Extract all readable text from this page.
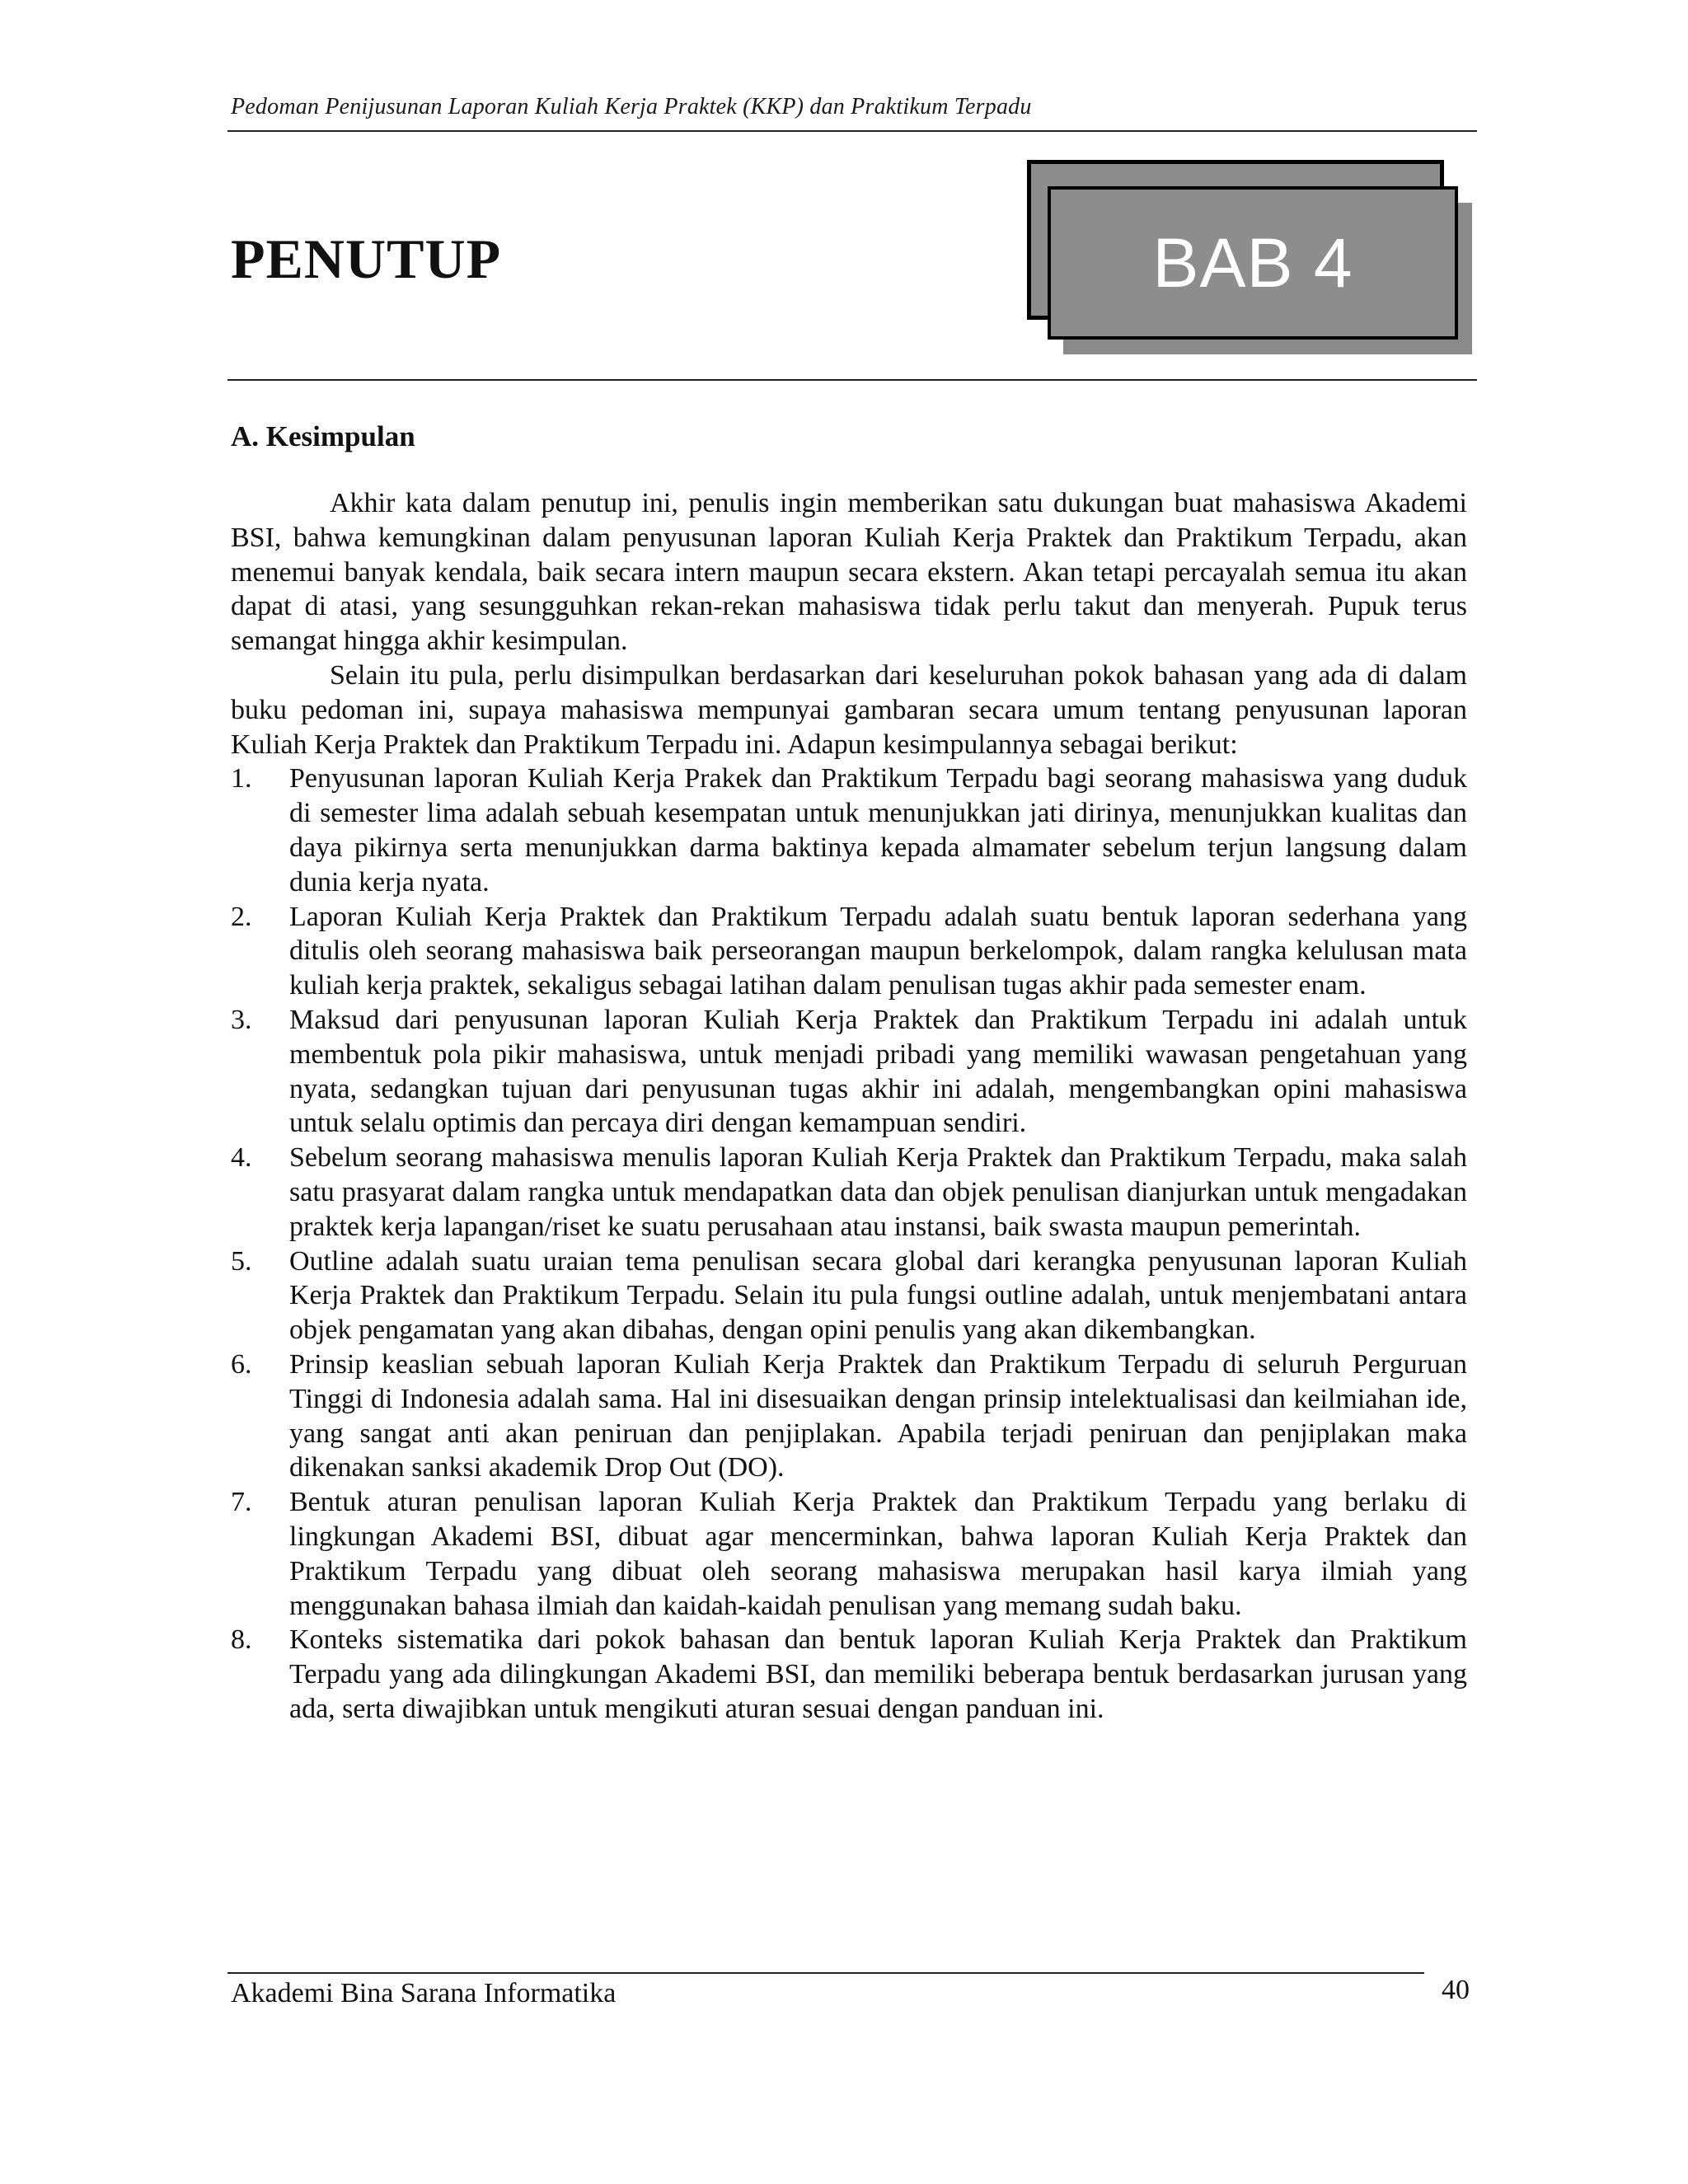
Pedoman Penijusunan Laporan Kuliah Kerja Praktek (KKP) dan Praktikum Terpadu
PENUTUP	BAB 4
A. Kesimpulan

Akhir kata dalam penutup ini, penulis ingin memberikan satu dukungan buat mahasiswa Akademi BSI, bahwa kemungkinan dalam penyusunan laporan Kuliah Kerja Praktek dan Praktikum Terpadu, akan menemui banyak kendala, baik secara intern maupun secara ekstern. Akan tetapi percayalah semua itu akan dapat di atasi, yang sesungguhkan rekan-rekan mahasiswa tidak perlu takut dan menyerah. Pupuk terus semangat hingga akhir kesimpulan.

Selain itu pula, perlu disimpulkan berdasarkan dari keseluruhan pokok bahasan yang ada di dalam buku pedoman ini, supaya mahasiswa mempunyai gambaran secara umum tentang penyusunan laporan Kuliah Kerja Praktek dan Praktikum Terpadu ini. Adapun kesimpulannya sebagai berikut:

1. Penyusunan laporan Kuliah Kerja Prakek dan Praktikum Terpadu bagi seorang mahasiswa yang duduk di semester lima adalah sebuah kesempatan untuk menunjukkan jati dirinya, menunjukkan kualitas dan daya pikirnya serta menunjukkan darma baktinya kepada almamater sebelum terjun langsung dalam dunia kerja nyata.
2. Laporan Kuliah Kerja Praktek dan Praktikum Terpadu adalah suatu bentuk laporan sederhana yang ditulis oleh seorang mahasiswa baik perseorangan maupun berkelompok, dalam rangka kelulusan mata kuliah kerja praktek, sekaligus sebagai latihan dalam penulisan tugas akhir pada semester enam.
3. Maksud dari penyusunan laporan Kuliah Kerja Praktek dan Praktikum Terpadu ini adalah untuk membentuk pola pikir mahasiswa, untuk menjadi pribadi yang memiliki wawasan pengetahuan yang nyata, sedangkan tujuan dari penyusunan tugas akhir ini adalah, mengembangkan opini mahasiswa untuk selalu optimis dan percaya diri dengan kemampuan sendiri.
4. Sebelum seorang mahasiswa menulis laporan Kuliah Kerja Praktek dan Praktikum Terpadu, maka salah satu prasyarat dalam rangka untuk mendapatkan data dan objek penulisan dianjurkan untuk mengadakan praktek kerja lapangan/riset ke suatu perusahaan atau instansi, baik swasta maupun pemerintah.
5. Outline adalah suatu uraian tema penulisan secara global dari kerangka penyusunan laporan Kuliah Kerja Praktek dan Praktikum Terpadu. Selain itu pula fungsi outline adalah, untuk menjembatani antara objek pengamatan yang akan dibahas, dengan opini penulis yang akan dikembangkan.
6. Prinsip keaslian sebuah laporan Kuliah Kerja Praktek dan Praktikum Terpadu di seluruh Perguruan Tinggi di Indonesia adalah sama. Hal ini disesuaikan dengan prinsip intelektualisasi dan keilmiahan ide, yang sangat anti akan peniruan dan penjiplakan. Apabila terjadi peniruan dan penjiplakan maka dikenakan sanksi akademik Drop Out (DO).
7. Bentuk aturan penulisan laporan Kuliah Kerja Praktek dan Praktikum Terpadu yang berlaku di lingkungan Akademi BSI, dibuat agar mencerminkan, bahwa laporan Kuliah Kerja Praktek dan Praktikum Terpadu yang dibuat oleh seorang mahasiswa merupakan hasil karya ilmiah yang menggunakan bahasa ilmiah dan kaidah-kaidah penulisan yang memang sudah baku.
8. Konteks sistematika dari pokok bahasan dan bentuk laporan Kuliah Kerja Praktek dan Praktikum Terpadu yang ada dilingkungan Akademi BSI, dan memiliki beberapa bentuk berdasarkan jurusan yang ada, serta diwajibkan untuk mengikuti aturan sesuai dengan panduan ini.
Akademi Bina Sarana Informatika	40
